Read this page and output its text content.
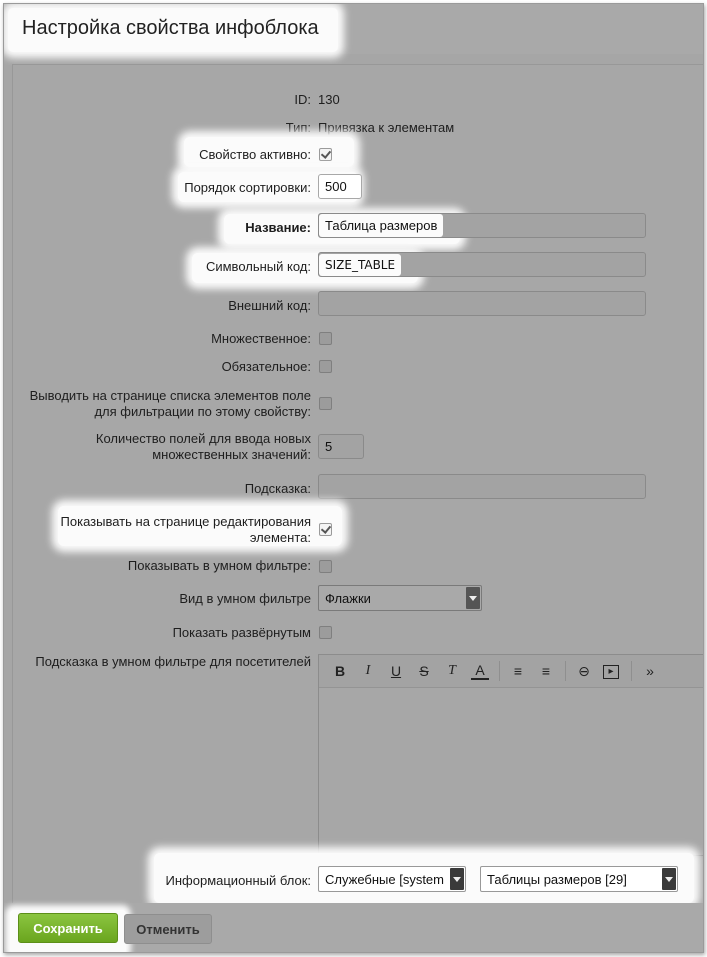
Настройка свойства инфоблока
ID: 130
Тип: Привязка к элементам
Свойство активно:
Порядок сортировки:	500
Название:	Таблица размеров
Символьный код:	SIZE_TABLE
Внешний код:
Множественное:
Обязательное:
Выводить на странице списка элементов поле для фильтрации по этому свойству:
Количество полей для ввода новых множественных значений:
5
Подсказка:
Показывать на странице редактирования элемента:
Показывать в умном фильтре:
Вид в умном фильтре	Флажки
Показать развёрнутым
Подсказка в умном фильтре для посетителей
B	I	U	S	T	A	≡	≡	⊖	▸	»
Информационный блок:	Служебные [system	Таблицы размеров [29]
Сохранить	Отменить
